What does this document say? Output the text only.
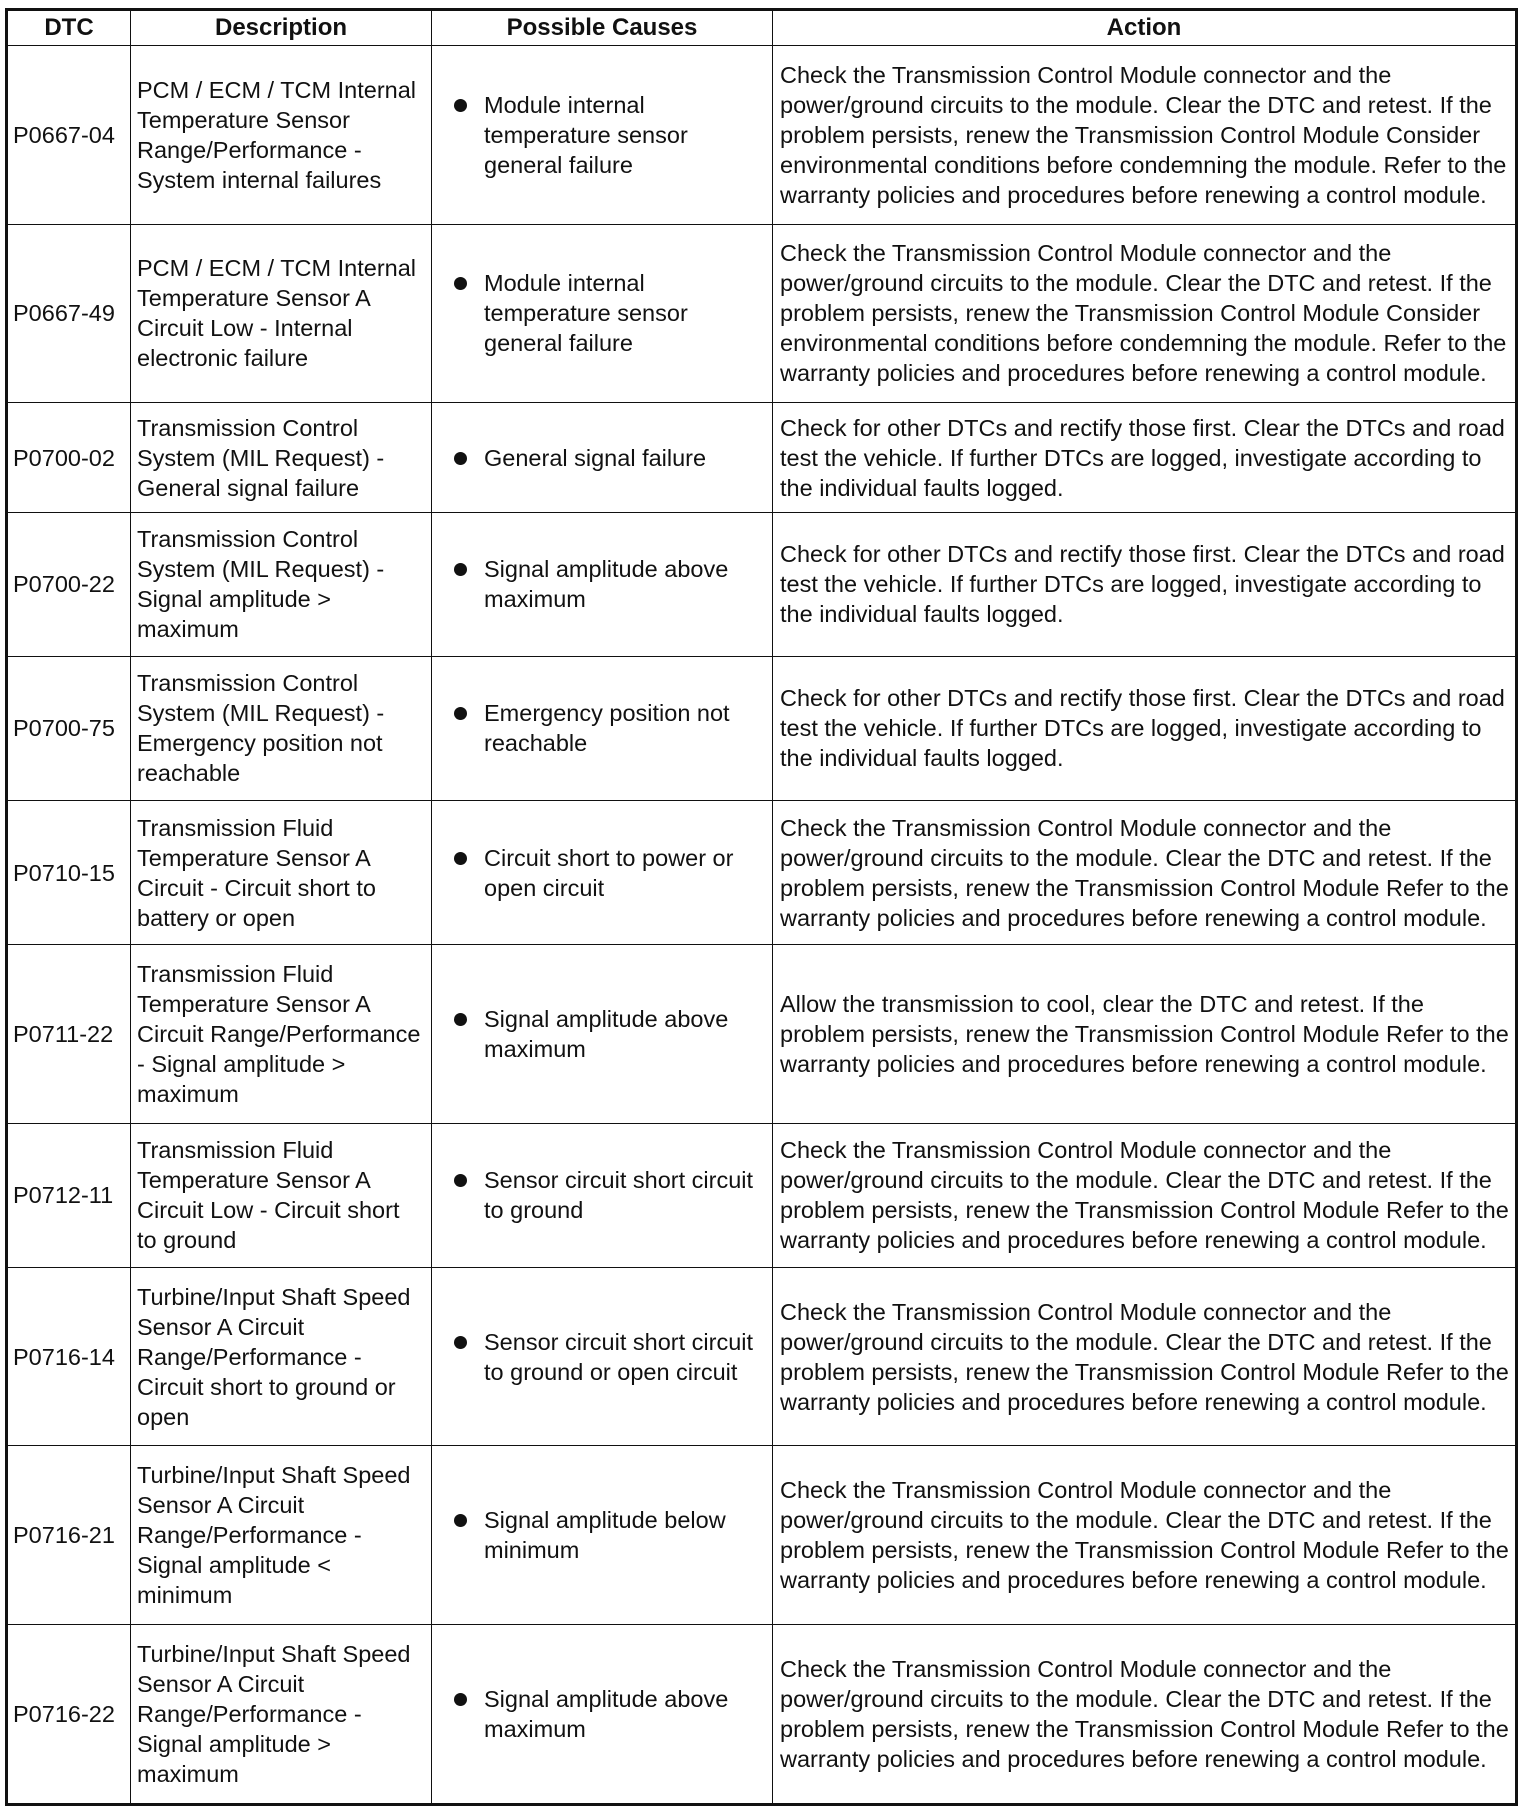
DTC	Description	Possible Causes	Action
P0667-04	PCM / ECM / TCM Internal Temperature Sensor Range/Performance - System internal failures	Module internal temperature sensor general failure	Check the Transmission Control Module connector and the power/ground circuits to the module. Clear the DTC and retest. If the problem persists, renew the Transmission Control Module Consider environmental conditions before condemning the module. Refer to the warranty policies and procedures before renewing a control module.
P0667-49	PCM / ECM / TCM Internal Temperature Sensor A Circuit Low - Internal electronic failure	Module internal temperature sensor general failure	Check the Transmission Control Module connector and the power/ground circuits to the module. Clear the DTC and retest. If the problem persists, renew the Transmission Control Module Consider environmental conditions before condemning the module. Refer to the warranty policies and procedures before renewing a control module.
P0700-02	Transmission Control System (MIL Request) - General signal failure	General signal failure	Check for other DTCs and rectify those first. Clear the DTCs and road test the vehicle. If further DTCs are logged, investigate according to the individual faults logged.
P0700-22	Transmission Control System (MIL Request) - Signal amplitude > maximum	Signal amplitude above maximum	Check for other DTCs and rectify those first. Clear the DTCs and road test the vehicle. If further DTCs are logged, investigate according to the individual faults logged.
P0700-75	Transmission Control System (MIL Request) - Emergency position not reachable	Emergency position not reachable	Check for other DTCs and rectify those first. Clear the DTCs and road test the vehicle. If further DTCs are logged, investigate according to the individual faults logged.
P0710-15	Transmission Fluid Temperature Sensor A Circuit - Circuit short to battery or open	Circuit short to power or open circuit	Check the Transmission Control Module connector and the power/ground circuits to the module. Clear the DTC and retest. If the problem persists, renew the Transmission Control Module Refer to the warranty policies and procedures before renewing a control module.
P0711-22	Transmission Fluid Temperature Sensor A Circuit Range/Performance - Signal amplitude > maximum	Signal amplitude above maximum	Allow the transmission to cool, clear the DTC and retest. If the problem persists, renew the Transmission Control Module Refer to the warranty policies and procedures before renewing a control module.
P0712-11	Transmission Fluid Temperature Sensor A Circuit Low - Circuit short to ground	Sensor circuit short circuit to ground	Check the Transmission Control Module connector and the power/ground circuits to the module. Clear the DTC and retest. If the problem persists, renew the Transmission Control Module Refer to the warranty policies and procedures before renewing a control module.
P0716-14	Turbine/Input Shaft Speed Sensor A Circuit Range/Performance - Circuit short to ground or open	Sensor circuit short circuit to ground or open circuit	Check the Transmission Control Module connector and the power/ground circuits to the module. Clear the DTC and retest. If the problem persists, renew the Transmission Control Module Refer to the warranty policies and procedures before renewing a control module.
P0716-21	Turbine/Input Shaft Speed Sensor A Circuit Range/Performance - Signal amplitude < minimum	Signal amplitude below minimum	Check the Transmission Control Module connector and the power/ground circuits to the module. Clear the DTC and retest. If the problem persists, renew the Transmission Control Module Refer to the warranty policies and procedures before renewing a control module.
P0716-22	Turbine/Input Shaft Speed Sensor A Circuit Range/Performance - Signal amplitude > maximum	Signal amplitude above maximum	Check the Transmission Control Module connector and the power/ground circuits to the module. Clear the DTC and retest. If the problem persists, renew the Transmission Control Module Refer to the warranty policies and procedures before renewing a control module.
